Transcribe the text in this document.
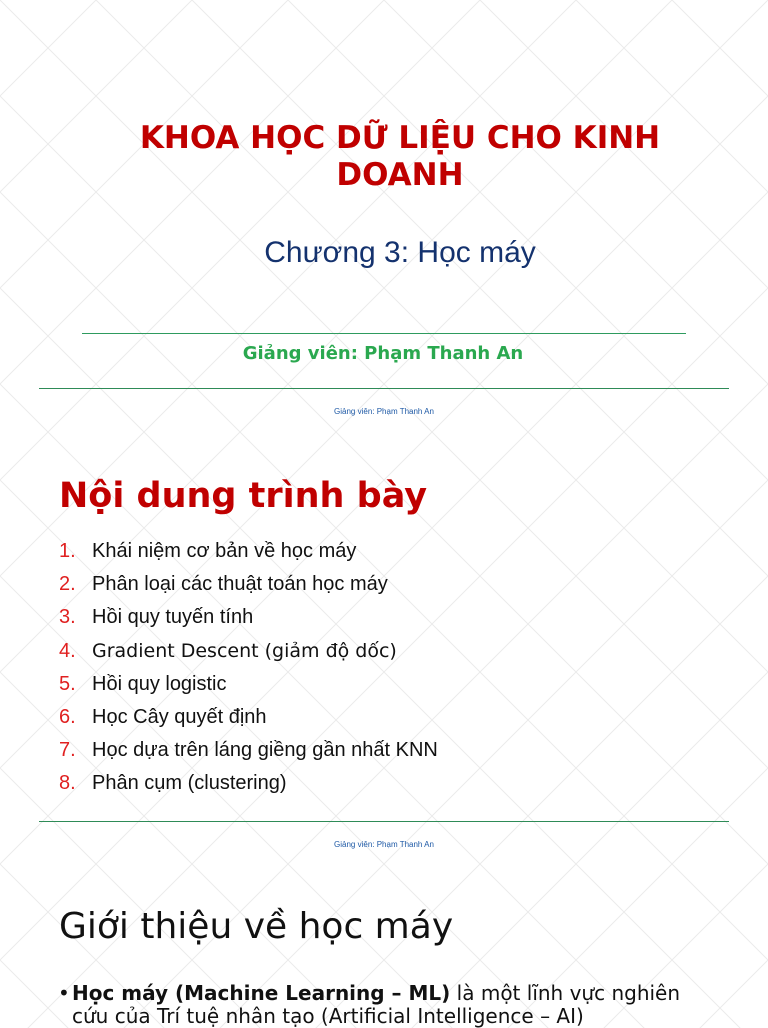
KHOA HỌC DỮ LIỆU CHO KINH DOANH
Chương 3: Học máy
Giảng viên: Phạm Thanh An
Giảng viên: Phạm Thanh An
Nội dung trình bày
1. Khái niệm cơ bản về học máy
2. Phân loại các thuật toán học máy
3. Hồi quy tuyến tính
4. Gradient Descent (giảm độ dốc)
5. Hồi quy logistic
6. Học Cây quyết định
7. Học dựa trên láng giềng gần nhất KNN
8. Phân cụm (clustering)
Giảng viên: Phạm Thanh An
Giới thiệu về học máy
• Học máy (Machine Learning – ML) là một lĩnh vực nghiên cứu của Trí tuệ nhân tạo (Artificial Intelligence – AI)
